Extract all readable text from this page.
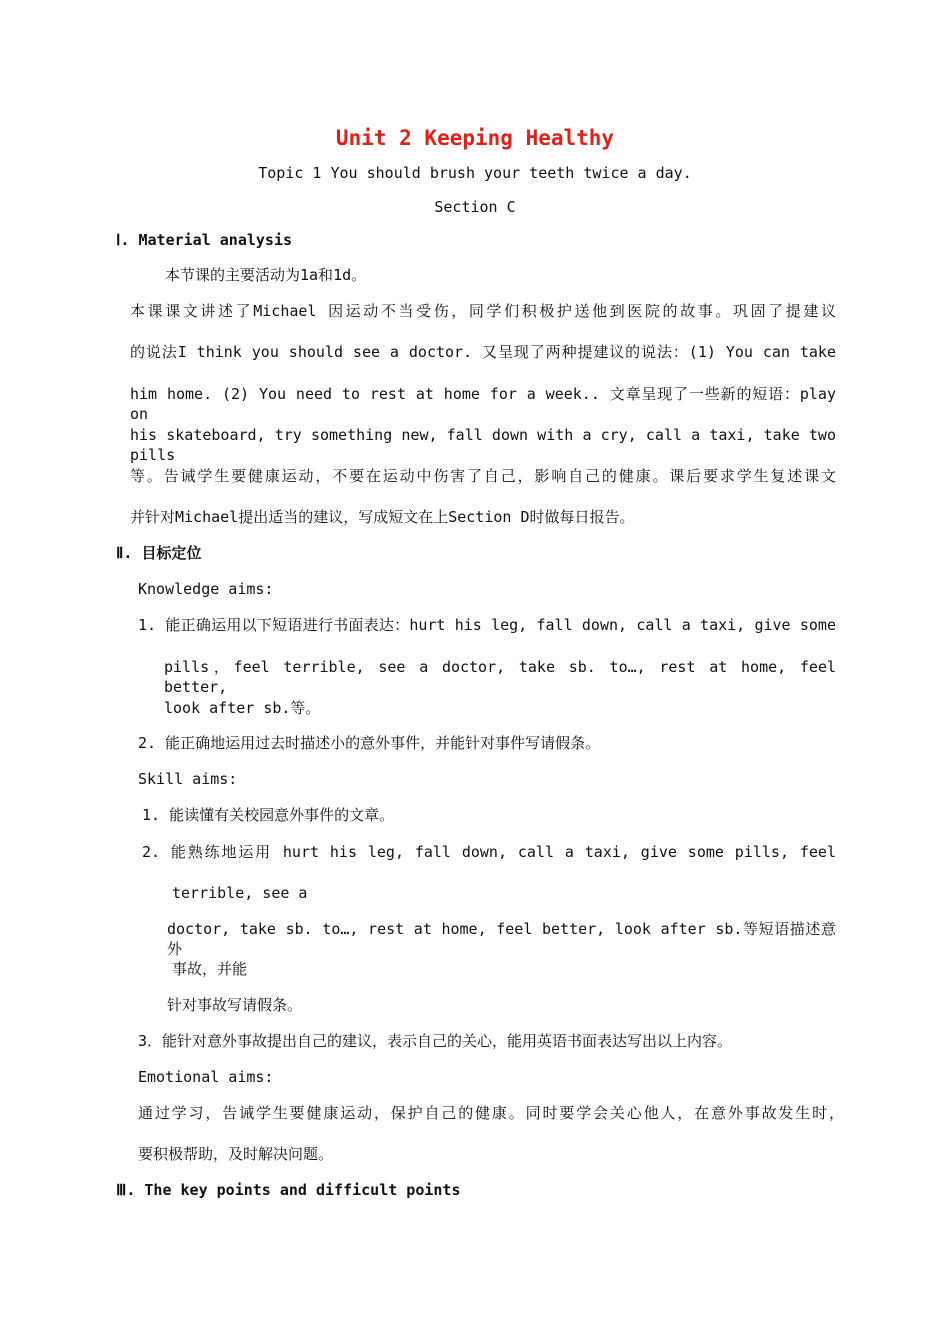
Unit 2 Keeping Healthy
Topic 1 You should brush your teeth twice a day.
Section C
Ⅰ. Material analysis
本节课的主要活动为1a和1d。
本课课文讲述了Michael 因运动不当受伤，同学们积极护送他到医院的故事。巩固了提建议
的说法I think you should see a doctor. 又呈现了两种提建议的说法：(1) You can take
him home. (2) You need to rest at home for a week.. 文章呈现了一些新的短语：play on
his skateboard, try something new, fall down with a cry, call a taxi, take two pills
等。告诫学生要健康运动，不要在运动中伤害了自己，影响自己的健康。课后要求学生复述课文
并针对Michael提出适当的建议，写成短文在上Section D时做每日报告。
Ⅱ. 目标定位
Knowledge aims:
1. 能正确运用以下短语进行书面表达：hurt his leg, fall down, call a taxi, give some
pills，feel terrible, see a doctor, take sb. to…, rest at home, feel better,
look after sb.等。
2. 能正确地运用过去时描述小的意外事件，并能针对事件写请假条。
Skill aims:
1. 能读懂有关校园意外事件的文章。
2. 能熟练地运用 hurt his leg, fall down, call a taxi, give some pills, feel
terrible, see a
doctor, take sb. to…, rest at home, feel better, look after sb.等短语描述意外
事故，并能
针对事故写请假条。
3．能针对意外事故提出自己的建议，表示自己的关心，能用英语书面表达写出以上内容。
Emotional aims:
通过学习，告诫学生要健康运动，保护自己的健康。同时要学会关心他人，在意外事故发生时，
要积极帮助，及时解决问题。
Ⅲ. The key points and difficult points
